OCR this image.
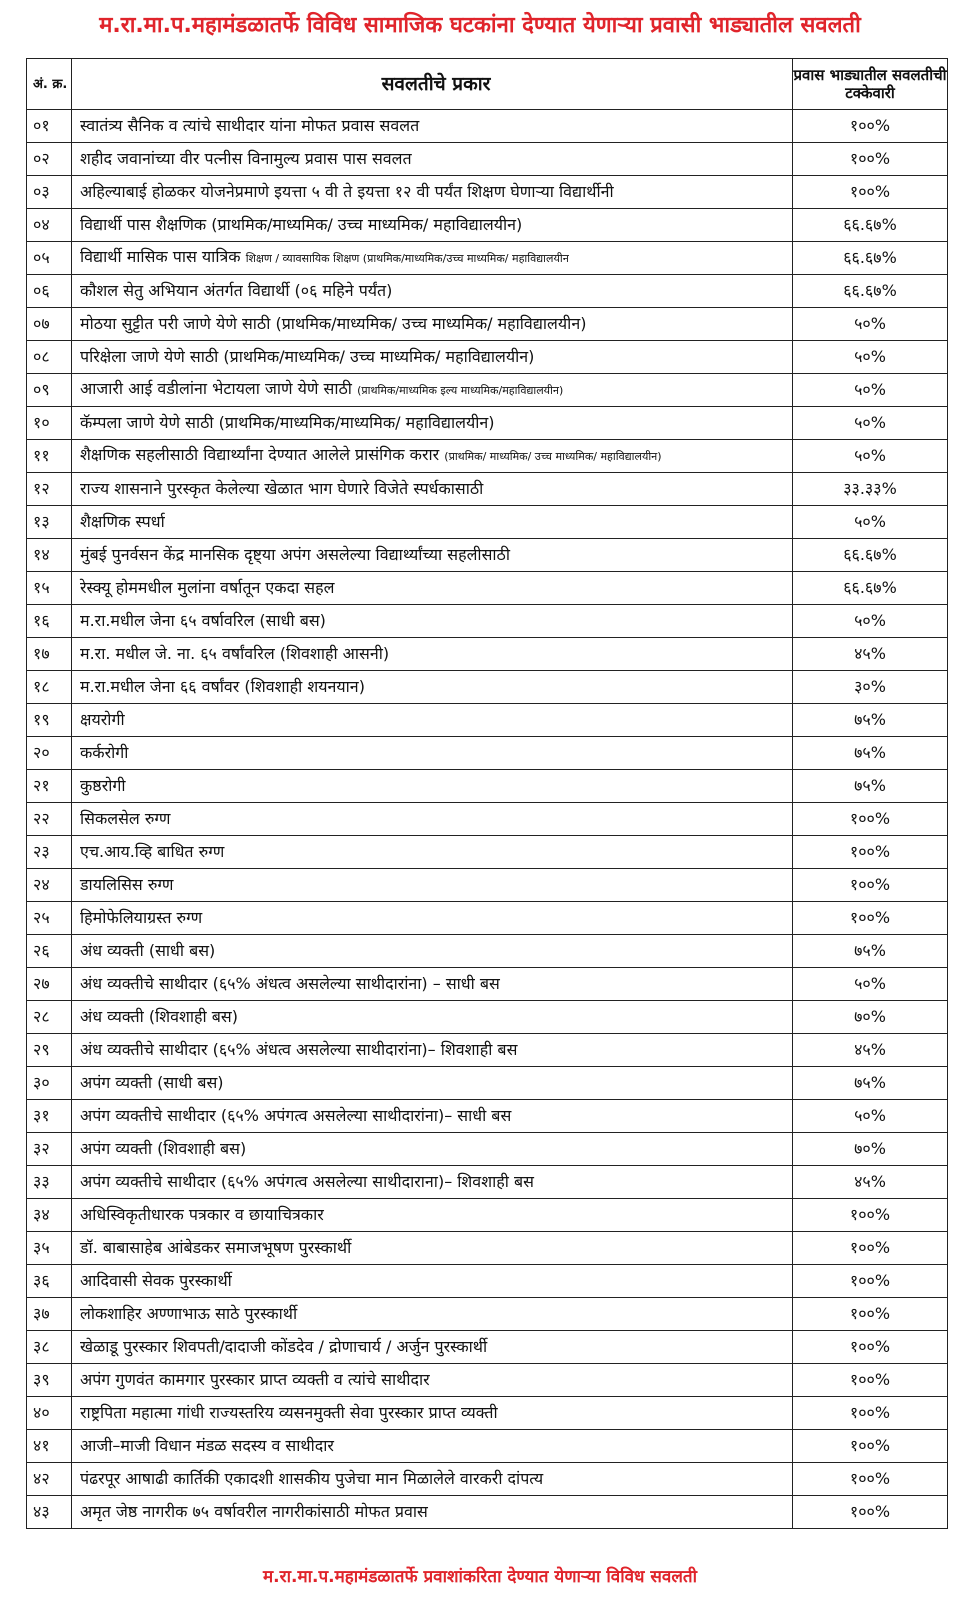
म.रा.मा.प.महामंडळातर्फे विविध सामाजिक घटकांना देण्यात येणाऱ्या प्रवासी भाड्यातील सवलती
अं. क्र.	सवलतीचे प्रकार	प्रवास भाड्यातील सवलतीची टक्केवारी
०१	स्वातंत्र्य सैनिक व त्यांचे साथीदार यांना मोफत प्रवास सवलत	१००%
०२	शहीद जवानांच्या वीर पत्नीस विनामुल्य प्रवास पास सवलत	१००%
०३	अहिल्याबाई होळकर योजनेप्रमाणे इयत्ता ५ वी ते इयत्ता १२ वी पर्यंत शिक्षण घेणाऱ्या विद्यार्थीनी	१००%
०४	विद्यार्थी पास शैक्षणिक (प्राथमिक/माध्यमिक/ उच्च माध्यमिक/ महाविद्यालयीन)	६६.६७%
०५	विद्यार्थी मासिक पास यात्रिक शिक्षण / व्यावसायिक शिक्षण (प्राथमिक/माध्यमिक/उच्च माध्यमिक/ महाविद्यालयीन	६६.६७%
०६	कौशल सेतु अभियान अंतर्गत विद्यार्थी (०६ महिने पर्यंत)	६६.६७%
०७	मोठया सुट्टीत परी जाणे येणे साठी (प्राथमिक/माध्यमिक/ उच्च माध्यमिक/ महाविद्यालयीन)	५०%
०८	परिक्षेला जाणे येणे साठी (प्राथमिक/माध्यमिक/ उच्च माध्यमिक/ महाविद्यालयीन)	५०%
०९	आजारी आई वडीलांना भेटायला जाणे येणे साठी (प्राथमिक/माध्यमिक इल्य माध्यमिक/महाविद्यालयीन)	५०%
१०	कॅम्पला जाणे येणे साठी (प्राथमिक/माध्यमिक/माध्यमिक/ महाविद्यालयीन)	५०%
११	शैक्षणिक सहलीसाठी विद्यार्थ्यांना देण्यात आलेले प्रासंगिक करार (प्राथमिक/ माध्यमिक/ उच्च माध्यमिक/ महाविद्यालयीन)	५०%
१२	राज्य शासनाने पुरस्कृत केलेल्या खेळात भाग घेणारे विजेते स्पर्धकासाठी	३३.३३%
१३	शैक्षणिक स्पर्धा	५०%
१४	मुंबई पुनर्वसन केंद्र मानसिक दृष्ट्या अपंग असलेल्या विद्यार्थ्यांच्या सहलीसाठी	६६.६७%
१५	रेस्क्यू होममधील मुलांना वर्षातून एकदा सहल	६६.६७%
१६	म.रा.मधील जेना ६५ वर्षावरिल (साधी बस)	५०%
१७	म.रा. मधील जे. ना. ६५ वर्षांवरिल (शिवशाही आसनी)	४५%
१८	म.रा.मधील जेना ६६ वर्षांवर (शिवशाही शयनयान)	३०%
१९	क्षयरोगी	७५%
२०	कर्करोगी	७५%
२१	कुष्ठरोगी	७५%
२२	सिकलसेल रुग्ण	१००%
२३	एच.आय.व्हि बाधित रुग्ण	१००%
२४	डायलिसिस रुग्ण	१००%
२५	हिमोफेलियाग्रस्त रुग्ण	१००%
२६	अंध व्यक्ती (साधी बस)	७५%
२७	अंध व्यक्तीचे साथीदार (६५% अंधत्व असलेल्या साथीदारांना) – साधी बस	५०%
२८	अंध व्यक्ती (शिवशाही बस)	७०%
२९	अंध व्यक्तीचे साथीदार (६५% अंधत्व असलेल्या साथीदारांना)– शिवशाही बस	४५%
३०	अपंग व्यक्ती (साधी बस)	७५%
३१	अपंग व्यक्तीचे साथीदार (६५% अपंगत्व असलेल्या साथीदारांना)– साधी बस	५०%
३२	अपंग व्यक्ती (शिवशाही बस)	७०%
३३	अपंग व्यक्तीचे साथीदार (६५% अपंगत्व असलेल्या साथीदाराना)– शिवशाही बस	४५%
३४	अधिस्विकृतीधारक पत्रकार व छायाचित्रकार	१००%
३५	डॉ. बाबासाहेब आंबेडकर समाजभूषण पुरस्कार्थी	१००%
३६	आदिवासी सेवक पुरस्कार्थी	१००%
३७	लोकशाहिर अण्णाभाऊ साठे पुरस्कार्थी	१००%
३८	खेळाडू पुरस्कार शिवपती/दादाजी कोंडदेव / द्रोणाचार्य / अर्जुन पुरस्कार्थी	१००%
३९	अपंग गुणवंत कामगार पुरस्कार प्राप्त व्यक्ती व त्यांचे साथीदार	१००%
४०	राष्ट्रपिता महात्मा गांधी राज्यस्तरिय व्यसनमुक्ती सेवा पुरस्कार प्राप्त व्यक्ती	१००%
४१	आजी–माजी विधान मंडळ सदस्य व साथीदार	१००%
४२	पंढरपूर आषाढी कार्तिकी एकादशी शासकीय पुजेचा मान मिळालेले वारकरी दांपत्य	१००%
४३	अमृत जेष्ठ नागरीक ७५ वर्षावरील नागरीकांसाठी मोफत प्रवास	१००%
म.रा.मा.प.महामंडळातर्फे प्रवाशांकरिता देण्यात येणाऱ्या विविध सवलती
